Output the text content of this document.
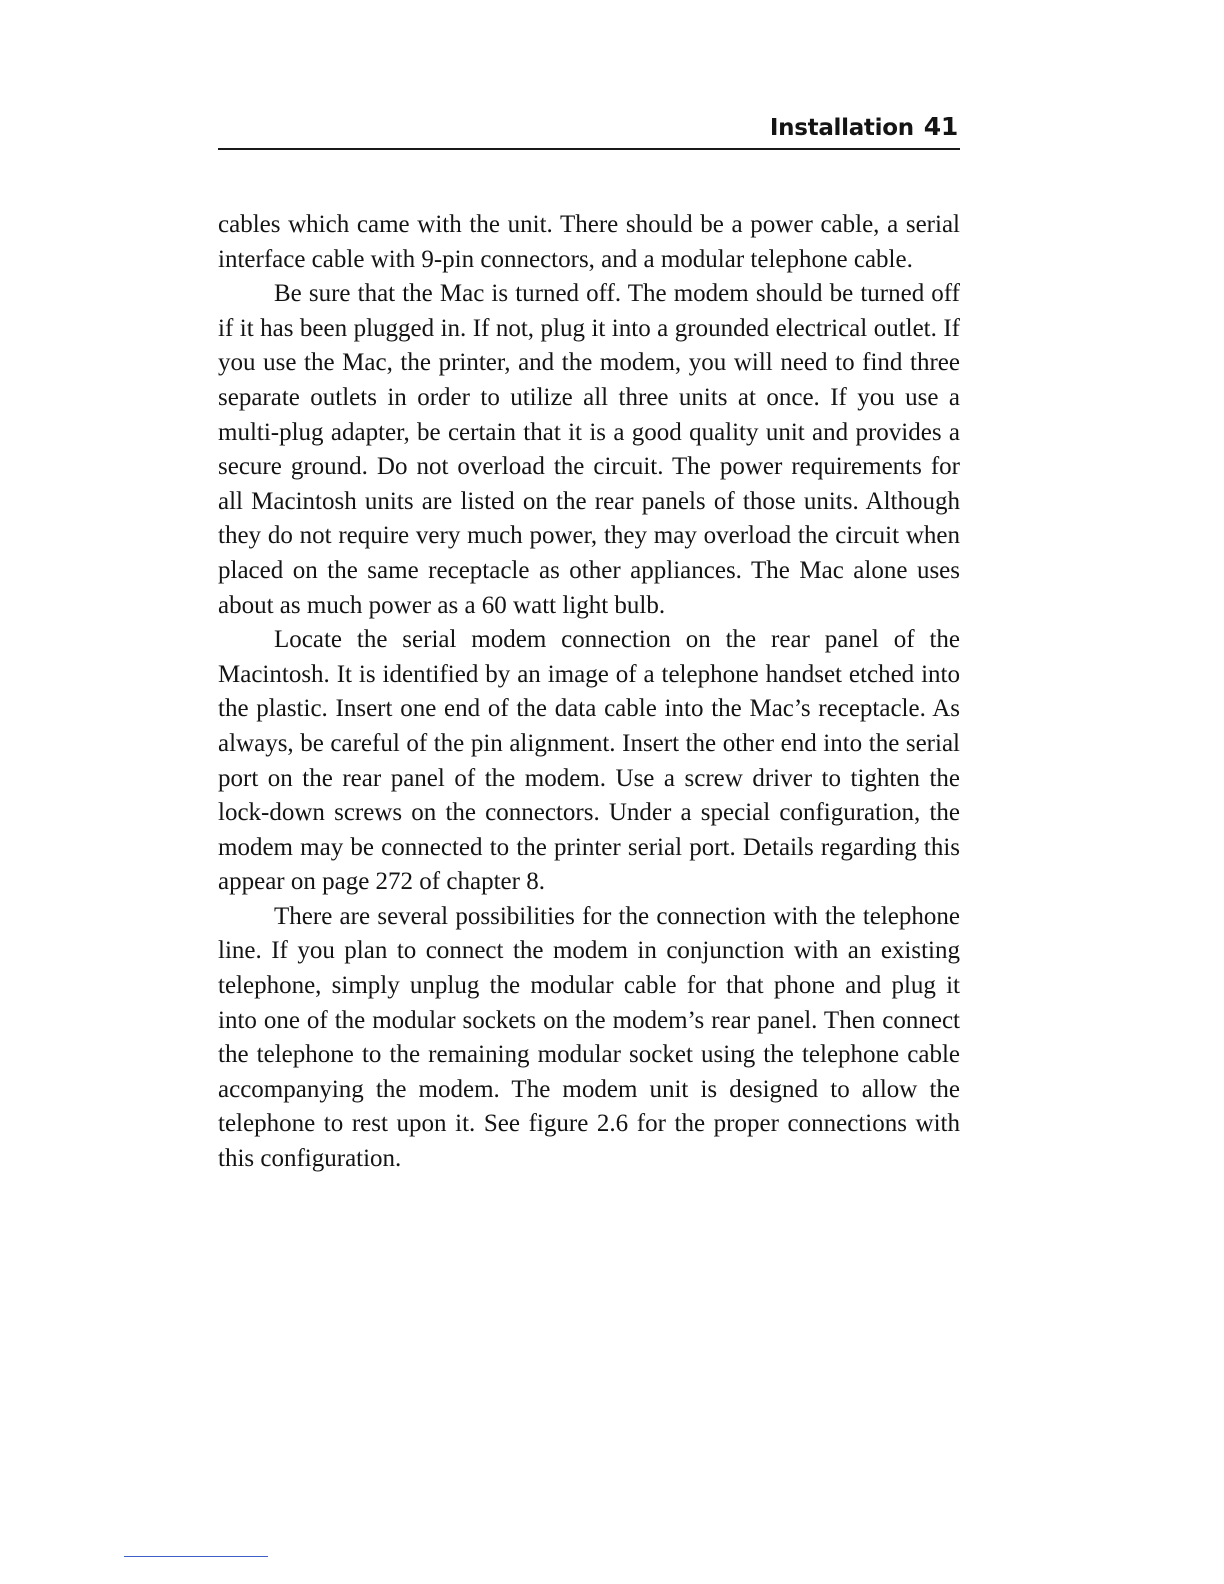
Installation 41

cables which came with the unit. There should be a power cable, a serial interface cable with 9-pin connectors, and a modular telephone cable.

Be sure that the Mac is turned off. The modem should be turned off if it has been plugged in. If not, plug it into a grounded electrical outlet. If you use the Mac, the printer, and the modem, you will need to find three separate outlets in order to utilize all three units at once. If you use a multi-plug adapter, be certain that it is a good quality unit and provides a secure ground. Do not overload the circuit. The power requirements for all Macintosh units are listed on the rear panels of those units. Although they do not require very much power, they may overload the circuit when placed on the same receptacle as other appliances. The Mac alone uses about as much power as a 60 watt light bulb.

Locate the serial modem connection on the rear panel of the Macintosh. It is identified by an image of a telephone handset etched into the plastic. Insert one end of the data cable into the Mac’s receptacle. As always, be careful of the pin alignment. Insert the other end into the serial port on the rear panel of the modem. Use a screw driver to tighten the lock-down screws on the connectors. Under a special configuration, the modem may be connected to the printer serial port. Details regarding this appear on page 272 of chapter 8.

There are several possibilities for the connection with the telephone line. If you plan to connect the modem in conjunction with an existing telephone, simply unplug the modular cable for that phone and plug it into one of the modular sockets on the modem’s rear panel. Then connect the telephone to the remaining modular socket using the telephone cable accompanying the modem. The modem unit is designed to allow the telephone to rest upon it. See figure 2.6 for the proper connections with this configuration.
